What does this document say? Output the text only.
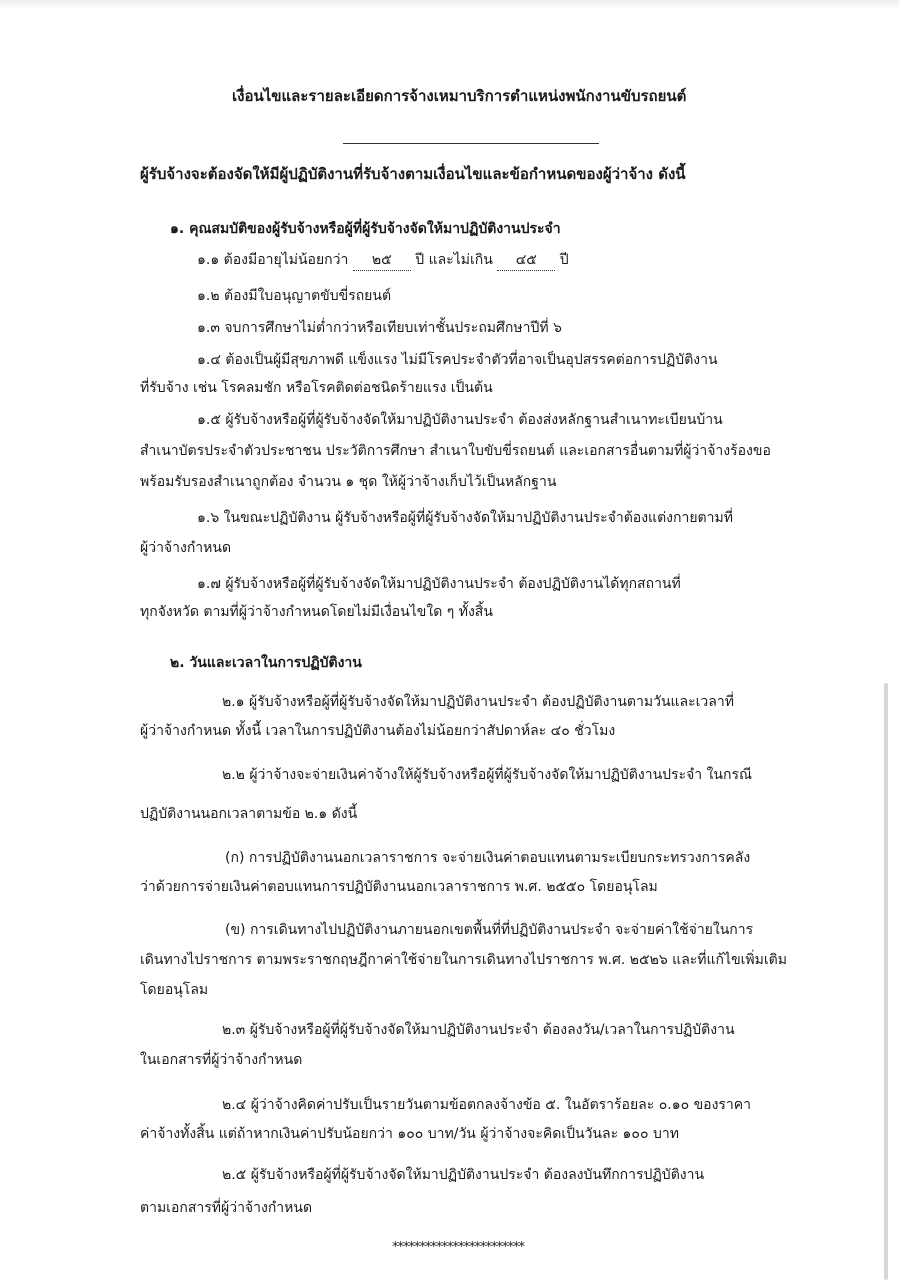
เงื่อนไขและรายละเอียดการจ้างเหมาบริการตำแหน่งพนักงานขับรถยนต์

ผู้รับจ้างจะต้องจัดให้มีผู้ปฏิบัติงานที่รับจ้างตามเงื่อนไขและข้อกำหนดของผู้ว่าจ้าง ดังนี้

๑. คุณสมบัติของผู้รับจ้างหรือผู้ที่ผู้รับจ้างจัดให้มาปฏิบัติงานประจำ

๑.๑ ต้องมีอายุไม่น้อยกว่า ๒๕ ปี และไม่เกิน ๔๕ ปี

๑.๒ ต้องมีใบอนุญาตขับขี่รถยนต์

๑.๓ จบการศึกษาไม่ต่ำกว่าหรือเทียบเท่าชั้นประถมศึกษาปีที่ ๖

๑.๔ ต้องเป็นผู้มีสุขภาพดี แข็งแรง ไม่มีโรคประจำตัวที่อาจเป็นอุปสรรคต่อการปฏิบัติงาน

ที่รับจ้าง เช่น โรคลมชัก หรือโรคติดต่อชนิดร้ายแรง เป็นต้น

๑.๕ ผู้รับจ้างหรือผู้ที่ผู้รับจ้างจัดให้มาปฏิบัติงานประจำ ต้องส่งหลักฐานสำเนาทะเบียนบ้าน

สำเนาบัตรประจำตัวประชาชน ประวัติการศึกษา สำเนาใบขับขี่รถยนต์ และเอกสารอื่นตามที่ผู้ว่าจ้างร้องขอ

พร้อมรับรองสำเนาถูกต้อง จำนวน ๑ ชุด ให้ผู้ว่าจ้างเก็บไว้เป็นหลักฐาน

๑.๖ ในขณะปฏิบัติงาน ผู้รับจ้างหรือผู้ที่ผู้รับจ้างจัดให้มาปฏิบัติงานประจำต้องแต่งกายตามที่

ผู้ว่าจ้างกำหนด

๑.๗ ผู้รับจ้างหรือผู้ที่ผู้รับจ้างจัดให้มาปฏิบัติงานประจำ ต้องปฏิบัติงานได้ทุกสถานที่

ทุกจังหวัด ตามที่ผู้ว่าจ้างกำหนดโดยไม่มีเงื่อนไขใด ๆ ทั้งสิ้น

๒. วันและเวลาในการปฏิบัติงาน

๒.๑ ผู้รับจ้างหรือผู้ที่ผู้รับจ้างจัดให้มาปฏิบัติงานประจำ ต้องปฏิบัติงานตามวันและเวลาที่

ผู้ว่าจ้างกำหนด ทั้งนี้ เวลาในการปฏิบัติงานต้องไม่น้อยกว่าสัปดาห์ละ ๔๐ ชั่วโมง

๒.๒ ผู้ว่าจ้างจะจ่ายเงินค่าจ้างให้ผู้รับจ้างหรือผู้ที่ผู้รับจ้างจัดให้มาปฏิบัติงานประจำ ในกรณี

ปฏิบัติงานนอกเวลาตามข้อ ๒.๑ ดังนี้

(ก) การปฏิบัติงานนอกเวลาราชการ จะจ่ายเงินค่าตอบแทนตามระเบียบกระทรวงการคลัง

ว่าด้วยการจ่ายเงินค่าตอบแทนการปฏิบัติงานนอกเวลาราชการ พ.ศ. ๒๕๕๐ โดยอนุโลม

(ข) การเดินทางไปปฏิบัติงานภายนอกเขตพื้นที่ที่ปฏิบัติงานประจำ จะจ่ายค่าใช้จ่ายในการ

เดินทางไปราชการ ตามพระราชกฤษฎีกาค่าใช้จ่ายในการเดินทางไปราชการ พ.ศ. ๒๕๒๖ และที่แก้ไขเพิ่มเติม

โดยอนุโลม

๒.๓ ผู้รับจ้างหรือผู้ที่ผู้รับจ้างจัดให้มาปฏิบัติงานประจำ ต้องลงวัน/เวลาในการปฏิบัติงาน

ในเอกสารที่ผู้ว่าจ้างกำหนด

๒.๔ ผู้ว่าจ้างคิดค่าปรับเป็นรายวันตามข้อตกลงจ้างข้อ ๕. ในอัตราร้อยละ ๐.๑๐ ของราคา

ค่าจ้างทั้งสิ้น แต่ถ้าหากเงินค่าปรับน้อยกว่า ๑๐๐ บาท/วัน ผู้ว่าจ้างจะคิดเป็นวันละ ๑๐๐ บาท

๒.๕ ผู้รับจ้างหรือผู้ที่ผู้รับจ้างจัดให้มาปฏิบัติงานประจำ ต้องลงบันทึกการปฏิบัติงาน

ตามเอกสารที่ผู้ว่าจ้างกำหนด

************************
